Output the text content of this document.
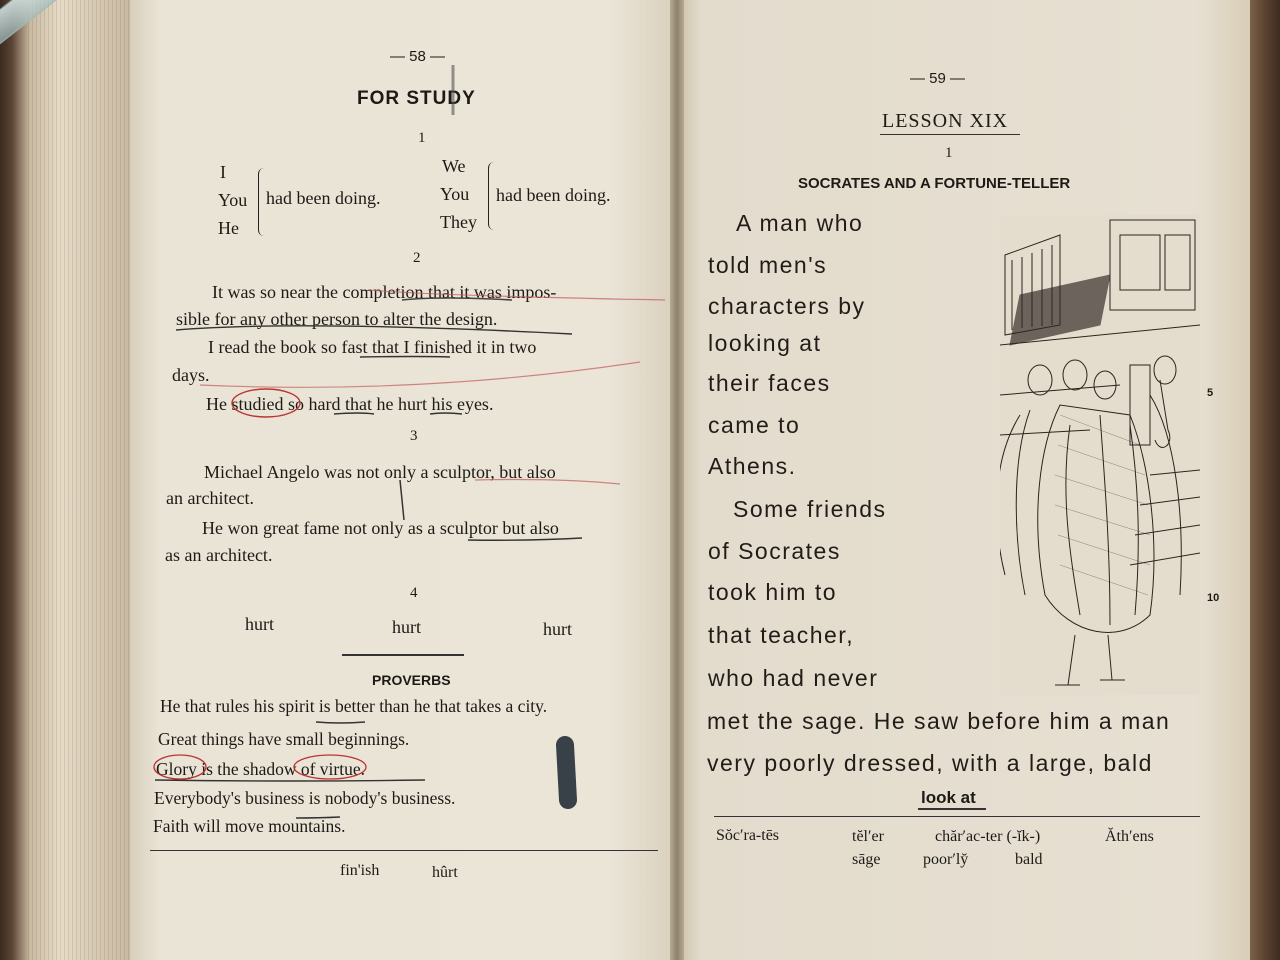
— 58 —
FOR STUDY
1
I
You
He
had been doing.
We
You
They
had been doing.
2
It was so near the completion that it was impos-
sible for any other person to alter the design.
I read the book so fast that I finished it in two
days.
He studied so hard that he hurt his eyes.
3
Michael Angelo was not only a sculptor, but also
an architect.
He won great fame not only as a sculptor but also
as an architect.
4
hurt	hurt	hurt
PROVERBS
He that rules his spirit is better than he that takes a city.
Great things have small beginnings.
Glory is the shadow of virtue.
Everybody's business is nobody's business.
Faith will move mountains.
fin'ish	hûrt
— 59 —
LESSON XIX
1
SOCRATES AND A FORTUNE-TELLER
A man who
told men's
characters by
looking at
their faces
came to
Athens.
Some friends
of Socrates
took him to
that teacher,
who had never
met the sage. He saw before him a man
very poorly dressed, with a large, bald
5
10
look at
Sŏc′ra-tēs	tĕl′er	chăr′ac-ter (-ĭk-)	Ăth′ens
sāge	poor′ly̆	bald
